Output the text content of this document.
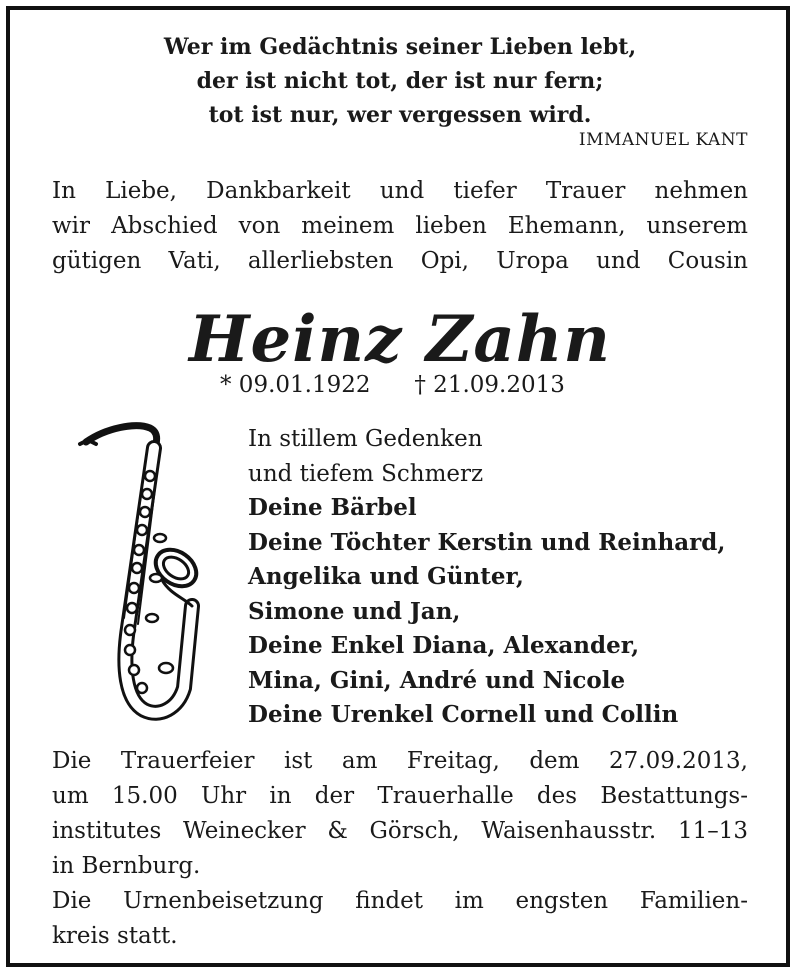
Wer im Gedächtnis seiner Lieben lebt,
der ist nicht tot, der ist nur fern;
tot ist nur, wer vergessen wird.
IMMANUEL KANT
In Liebe, Dankbarkeit und tiefer Trauer nehmen
wir Abschied von meinem lieben Ehemann, unserem
gütigen Vati, allerliebsten Opi, Uropa und Cousin
Heinz Zahn
* 09.01.1922 † 21.09.2013
In stillem Gedenken
und tiefem Schmerz
Deine Bärbel
Deine Töchter Kerstin und Reinhard,
Angelika und Günter,
Simone und Jan,
Deine Enkel Diana, Alexander,
Mina, Gini, André und Nicole
Deine Urenkel Cornell und Collin
Die Trauerfeier ist am Freitag, dem 27.09.2013,
um 15.00 Uhr in der Trauerhalle des Bestattungs-
institutes Weinecker & Görsch, Waisenhausstr. 11–13
in Bernburg.
Die Urnenbeisetzung findet im engsten Familien-
kreis statt.
